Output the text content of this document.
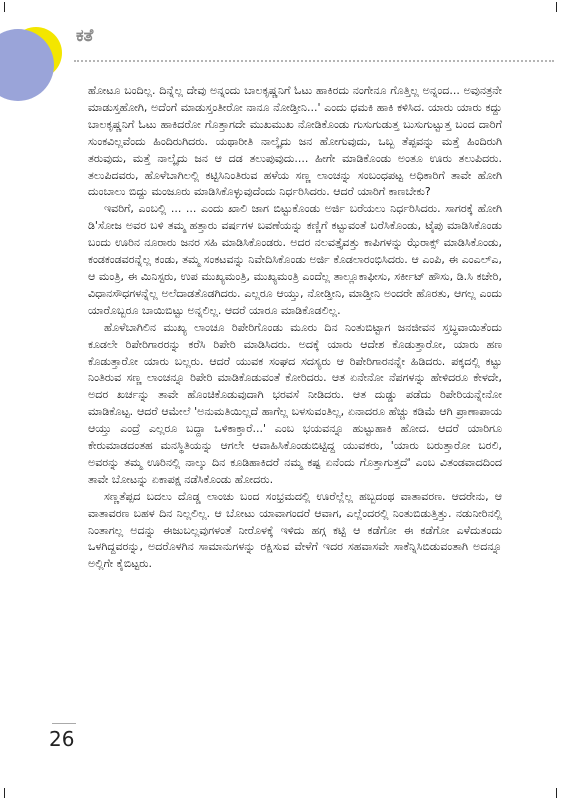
ಕತೆ

ಹೋಟೂ ಬಂದಿಲ್ಲ. ದಿನ್ನೆಲ್ಲ ದೇವು ಅನ್ನಂದು ಬಾಲಕೃಷ್ಣನಿಗೆ ಓಟು ಹಾಕಿರದು ನಂಗೇನೂ ಗೊತ್ತಿಲ್ಲ ಅನ್ನಂದ... ಅವುನತ್ರನೇ ಮಾಡುಸ್ತಹೋಗಿ, ಅದೆಂಗೆ ಮಾಡುಸ್ತಂತೀರೋ ನಾನೂ ನೋಡ್ತೀನಿ...' ಎಂದು ಧಮಕಿ ಹಾಕಿ ಕಳಿಸಿದ. ಯಾರು ಯಾರು ಕದ್ದು ಬಾಲಕೃಷ್ಣನಿಗೆ ಓಟು ಹಾಕಿದರೋ ಗೊತ್ತಾಗದೇ ಮುಖಮುಖ ನೋಡಿಕೊಂಡು ಗುಸುಗುಡುತ್ತ ಬುಸುಗುಟ್ಟುತ್ತ ಬಂದ ದಾರಿಗೆ ಸುಂಕವಿಲ್ಲವೆಂದು ಹಿಂದಿರುಗಿದರು. ಯಥಾರೀತಿ ನಾಲ್ಕೈದು ಜನ ಹೋಗುವುದು, ಒಬ್ಬ ತೆಪ್ಪವನ್ನು ಮತ್ತೆ ಹಿಂದಿರುಗಿ ತರುವುದು, ಮತ್ತೆ ನಾಲ್ಕೈದು ಜನ ಆ ದಡ ತಲುಪುವುದು.... ಹೀಗೇ ಮಾಡಿಕೊಂಡು ಅಂತೂ ಊರು ತಲುಪಿದರು. ತಲುಪಿದವರು, ಹೊಳೆಬಾಗಿಲಲ್ಲಿ ಕಟ್ಟಿಸಿನಿಂತಿರುವ ಹಳೆಯ ಸಣ್ಣ ಲಾಂಚನ್ನು ಸಂಬಂಧಪಟ್ಟ ಅಧಿಕಾರಿಗೆ ತಾವೇ ಹೋಗಿ ದುಂಬಾಲು ಬಿದ್ದು ಮಂಜೂರು ಮಾಡಿಸಿಕೊಳ್ಳುವುದೆಂದು ನಿರ್ಧರಿಸಿದರು. ಆದರೆ ಯಾರಿಗೆ ಕಾಣಬೇಕು?

ಇವರಿಗೆ, ಎಂಬಲ್ಲಿ ... ... ಎಂದು ಖಾಲಿ ಜಾಗ ಬಿಟ್ಟುಕೊಂಡು ಅರ್ಜಿ ಬರೆಯಲು ನಿರ್ಧರಿಸಿದರು. ಸಾಗರಕ್ಕೆ ಹೋಗಿ ಡಿ'ಸೋಜ ಅವರ ಬಳಿ ತಮ್ಮ ಹತ್ತಾರು ವರ್ಷಗಳ ಬವಣೆಯನ್ನು ಕಣ್ಣಿಗೆ ಕಟ್ಟುವಂತೆ ಬರೆಸಿಕೊಂಡು, ಟೈಪು ಮಾಡಿಸಿಕೊಂಡು ಬಂದು ಊರಿನ ನೂರಾರು ಜನರ ಸಹಿ ಮಾಡಿಸಿಕೊಂಡರು. ಅದರ ನಲವತ್ತೈವತ್ತು ಕಾಪಿಗಳನ್ನು ಝೆರಾಕ್ಸ್ ಮಾಡಿಸಿಕೊಂಡು, ಕಂಡಕಂಡವರನ್ನೆಲ್ಲ ಕಂಡು, ತಮ್ಮ ಸಂಕಟವನ್ನು ನಿವೇದಿಸಿಕೊಂಡು ಅರ್ಜಿ ಕೊಡಲಾರಂಭಿಸಿದರು. ಆ ಎಂಪಿ, ಈ ಎಂಎಲ್‌ಎ, ಆ ಮಂತ್ರಿ, ಈ ಮಿನಿಸ್ಟರು, ಉಪ ಮುಖ್ಯಮಂತ್ರಿ, ಮುಖ್ಯಮಂತ್ರಿ ಎಂದೆಲ್ಲ ತಾಲ್ಲೂಕಾಫೀಸು, ಸರ್ಕೀಟ್ ಹೌಸು, ಡಿ.ಸಿ ಕಚೇರಿ, ವಿಧಾನಸೌಧಗಳನ್ನೆಲ್ಲ ಅಲೆದಾಡತೊಡಗಿದರು. ಎಲ್ಲರೂ ಆಯ್ತು, ನೋಡ್ತೀನಿ, ಮಾಡ್ತೀನಿ ಅಂದರೇ ಹೊರತು, ಆಗಲ್ಲ ಎಂದು ಯಾರೊಬ್ಬರೂ ಬಾಯಿಬಿಟ್ಟು ಅನ್ನಲಿಲ್ಲ. ಆದರೆ ಯಾರೂ ಮಾಡಿಕೊಡಲಿಲ್ಲ.

ಹೊಳೆಬಾಗಿಲಿನ ಮುಖ್ಯ ಲಾಂಚೂ ರಿಪೇರಿಗೊಂಡು ಮೂರು ದಿನ ನಿಂತುಬಿಟ್ಟಾಗ ಜನಜೀವನ ಸ್ತಬ್ಧವಾಯಿತೆಂದು ಕೂಡಲೇ ರಿಪೇರಿಗಾರರನ್ನು ಕರೆಸಿ ರಿಪೇರಿ ಮಾಡಿಸಿದರು. ಅದಕ್ಕೆ ಯಾರು ಆದೇಶ ಕೊಡುತ್ತಾರೋ, ಯಾರು ಹಣ ಕೊಡುತ್ತಾರೋ ಯಾರು ಬಲ್ಲರು. ಆದರೆ ಯುವಕ ಸಂಘದ ಸದಸ್ಯರು ಆ ರಿಪೇರಿಗಾರನನ್ನೇ ಹಿಡಿದರು. ಪಕ್ಕದಲ್ಲಿ ಕಟ್ಟು ನಿಂತಿರುವ ಸಣ್ಣ ಲಾಂಚನ್ನೂ ರಿಪೇರಿ ಮಾಡಿಕೊಡುವಂತೆ ಕೋರಿದರು. ಆತ ಏನೇನೋ ನೆಪಗಳನ್ನು ಹೇಳಿದರೂ ಕೇಳದೇ, ಅದರ ಖರ್ಚನ್ನು ತಾವೇ ಹೊಂಚಿಕೊಡುವುದಾಗಿ ಭರವಸೆ ನೀಡಿದರು. ಆತ ದುಡ್ಡು ಪಡೆದು ರಿಪೇರಿಯನ್ನೇನೋ ಮಾಡಿಕೊಟ್ಟ. ಆದರೆ ಆಮೇಲೆ 'ಅನುಮತಿಯಿಲ್ಲದೆ ಹಾಗೆಲ್ಲ ಬಳಸುವಂತಿಲ್ಲ, ಏನಾದರೂ ಹೆಚ್ಚು ಕಡಿಮೆ ಆಗಿ ಪ್ರಾಣಾಪಾಯ ಆಯ್ತು ಎಂದ್ರೆ ಎಲ್ಲರೂ ಬದ್ದಾ ಒಳಿಕಾಕ್ತಾರೆ...' ಎಂಬ ಭಯವನ್ನೂ ಹುಟ್ಟುಹಾಕಿ ಹೋದ. ಆದರೆ ಯಾರಿಗೂ ಕೇರುಮಾಡದಂತಹ ಮನಸ್ಥಿತಿಯನ್ನು ಆಗಲೇ ಆವಾಹಿಸಿಕೊಂಡುಬಿಟ್ಟಿದ್ದ ಯುವಕರು, 'ಯಾರು ಬರುತ್ತಾರೋ ಬರಲಿ, ಅವರನ್ನು ತಮ್ಮ ಊರಿನಲ್ಲಿ ನಾಲ್ಕು ದಿನ ಕೂಡಿಹಾಕಿದರೆ ನಮ್ಮ ಕಷ್ಟ ಏನೆಂದು ಗೊತ್ತಾಗುತ್ತದೆ' ಎಂಬ ವಿತಂಡವಾದದಿಂದ ತಾವೇ ಬೋಟನ್ನು ಏಕಾಪಕ್ಷ ನಡೆಸಿಕೊಂಡು ಹೋದರು.

ಸಣ್ಣತೆಪ್ಪದ ಬದಲು ದೊಡ್ಡ ಲಾಂಚು ಬಂದ ಸಂಭ್ರಮದಲ್ಲಿ ಊರೆಲ್ಲೆಲ್ಲ ಹಬ್ಬದಂಥ ವಾತಾವರಣ. ಆದರೇನು, ಆ ವಾತಾವರಣ ಬಹಳ ದಿನ ನಿಲ್ಲಲಿಲ್ಲ. ಆ ಬೋಟು ಯಾವಾಗಂದರೆ ಆವಾಗ, ಎಲ್ಲೆಂದರಲ್ಲಿ ನಿಂತುಬಿಡುತ್ತಿತ್ತು. ನಡುನೀರಿನಲ್ಲಿ ನಿಂತಾಗಲ್ಲ ಅದನ್ನು ಈಜುಬಲ್ಲವುಗಳಂತೆ ನೀರೊಳಕ್ಕೆ ಇಳಿದು ಹಗ್ಗ ಕಟ್ಟಿ ಆ ಕಡೆಗೋ ಈ ಕಡೆಗೋ ಎಳೆದುತಂದು ಒಳಗಿದ್ದವರನ್ನು, ಅದರೊಳಗಿನ ಸಾಮಾನುಗಳನ್ನು ರಕ್ಷಿಸುವ ವೇಳೆಗೆ ಇದರ ಸಹವಾಸವೇ ಸಾಕೆನ್ನಿಸಿಬಿಡುವಂತಾಗಿ ಅದನ್ನೂ ಅಲ್ಲಿಗೇ ಕೈಬಿಟ್ಟರು.

26
